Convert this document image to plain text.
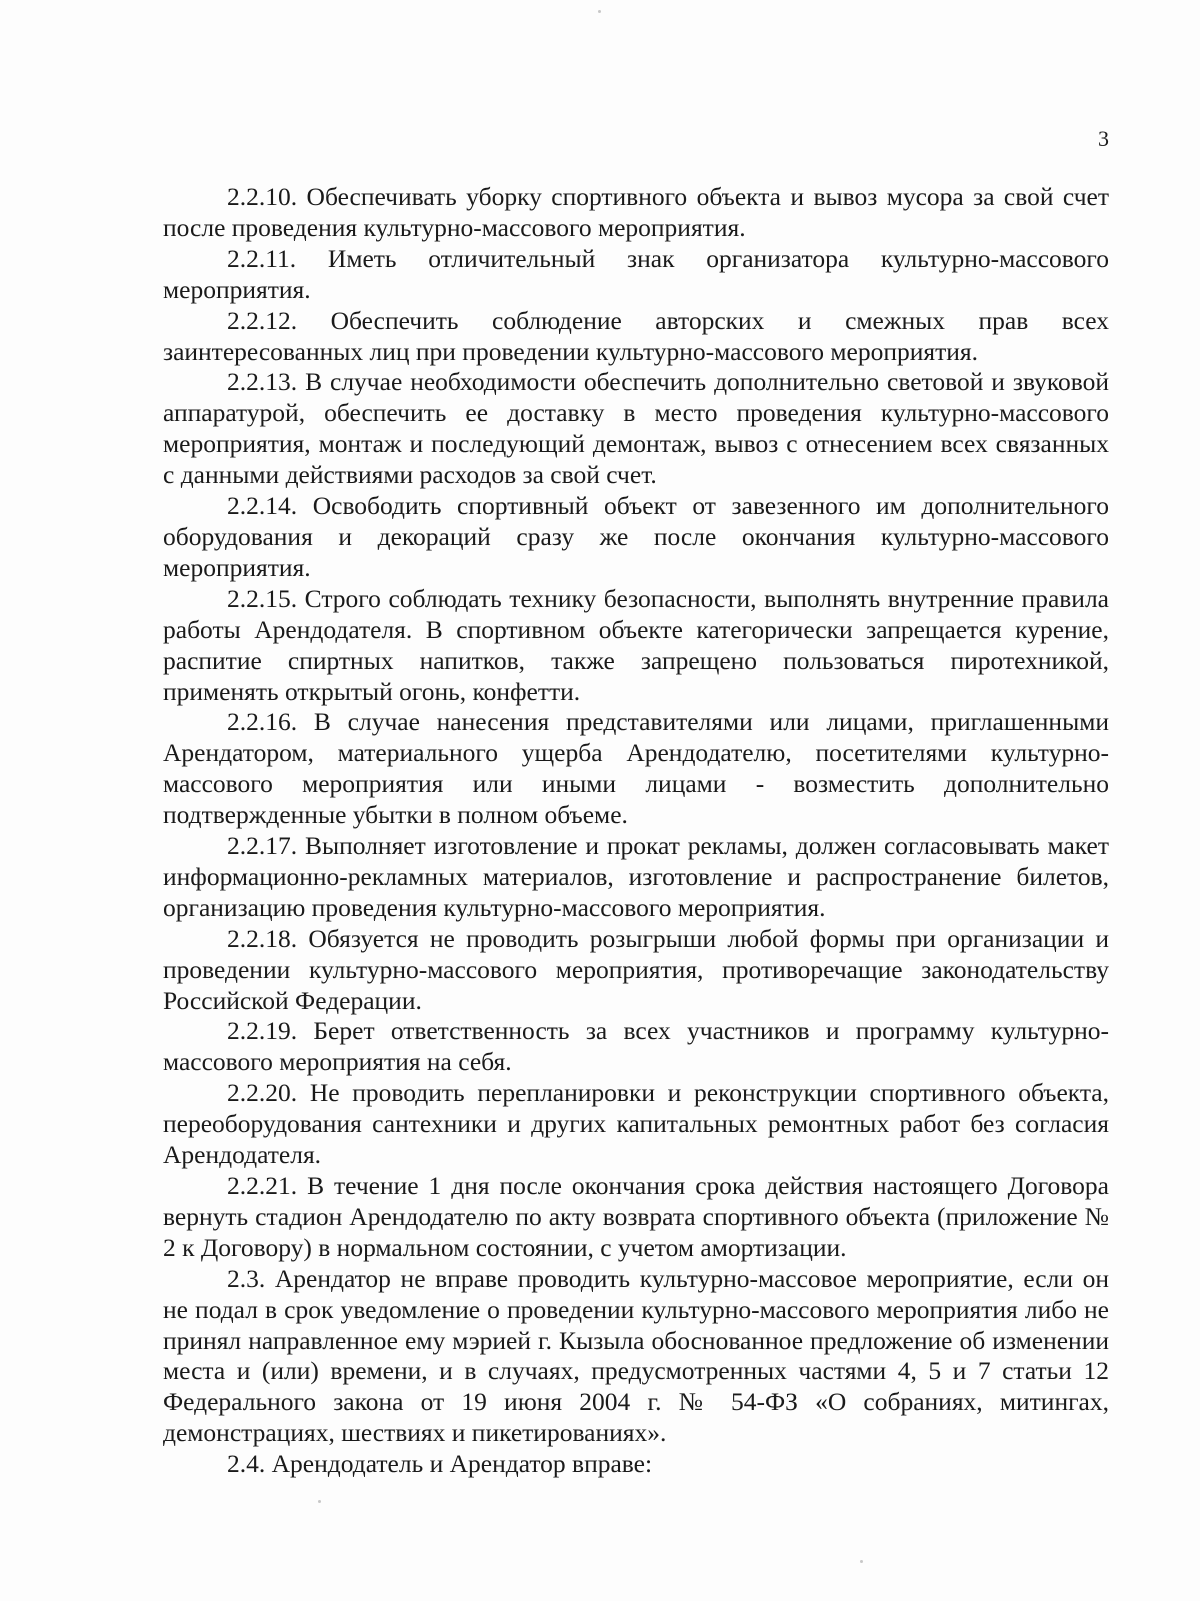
3

2.2.10. Обеспечивать уборку спортивного объекта и вывоз мусора за свой счет после проведения культурно-массового мероприятия.

2.2.11. Иметь отличительный знак организатора культурно-массового мероприятия.

2.2.12. Обеспечить соблюдение авторских и смежных прав всех заинтересованных лиц при проведении культурно-массового мероприятия.

2.2.13. В случае необходимости обеспечить дополнительно световой и звуковой аппаратурой, обеспечить ее доставку в место проведения культурно-массового мероприятия, монтаж и последующий демонтаж, вывоз с отнесением всех связанных с данными действиями расходов за свой счет.

2.2.14. Освободить спортивный объект от завезенного им дополнительного оборудования и декораций сразу же после окончания культурно-массового мероприятия.

2.2.15. Строго соблюдать технику безопасности, выполнять внутренние правила работы Арендодателя. В спортивном объекте категорически запрещается курение, распитие спиртных напитков, также запрещено пользоваться пиротехникой, применять открытый огонь, конфетти.

2.2.16. В случае нанесения представителями или лицами, приглашенными Арендатором, материального ущерба Арендодателю, посетителями культурно-массового мероприятия или иными лицами - возместить дополнительно подтвержденные убытки в полном объеме.

2.2.17. Выполняет изготовление и прокат рекламы, должен согласовывать макет информационно-рекламных материалов, изготовление и распространение билетов, организацию проведения культурно-массового мероприятия.

2.2.18. Обязуется не проводить розыгрыши любой формы при организации и проведении культурно-массового мероприятия, противоречащие законодательству Российской Федерации.

2.2.19. Берет ответственность за всех участников и программу культурно-массового мероприятия на себя.

2.2.20. Не проводить перепланировки и реконструкции спортивного объекта, переоборудования сантехники и других капитальных ремонтных работ без согласия Арендодателя.

2.2.21. В течение 1 дня после окончания срока действия настоящего Договора вернуть стадион Арендодателю по акту возврата спортивного объекта (приложение № 2 к Договору) в нормальном состоянии, с учетом амортизации.

2.3. Арендатор не вправе проводить культурно-массовое мероприятие, если он не подал в срок уведомление о проведении культурно-массового мероприятия либо не принял направленное ему мэрией г. Кызыла обоснованное предложение об изменении места и (или) времени, и в случаях, предусмотренных частями 4, 5 и 7 статьи 12 Федерального закона от 19 июня 2004 г. № 54-ФЗ «О собраниях, митингах, демонстрациях, шествиях и пикетированиях».

2.4. Арендодатель и Арендатор вправе:
